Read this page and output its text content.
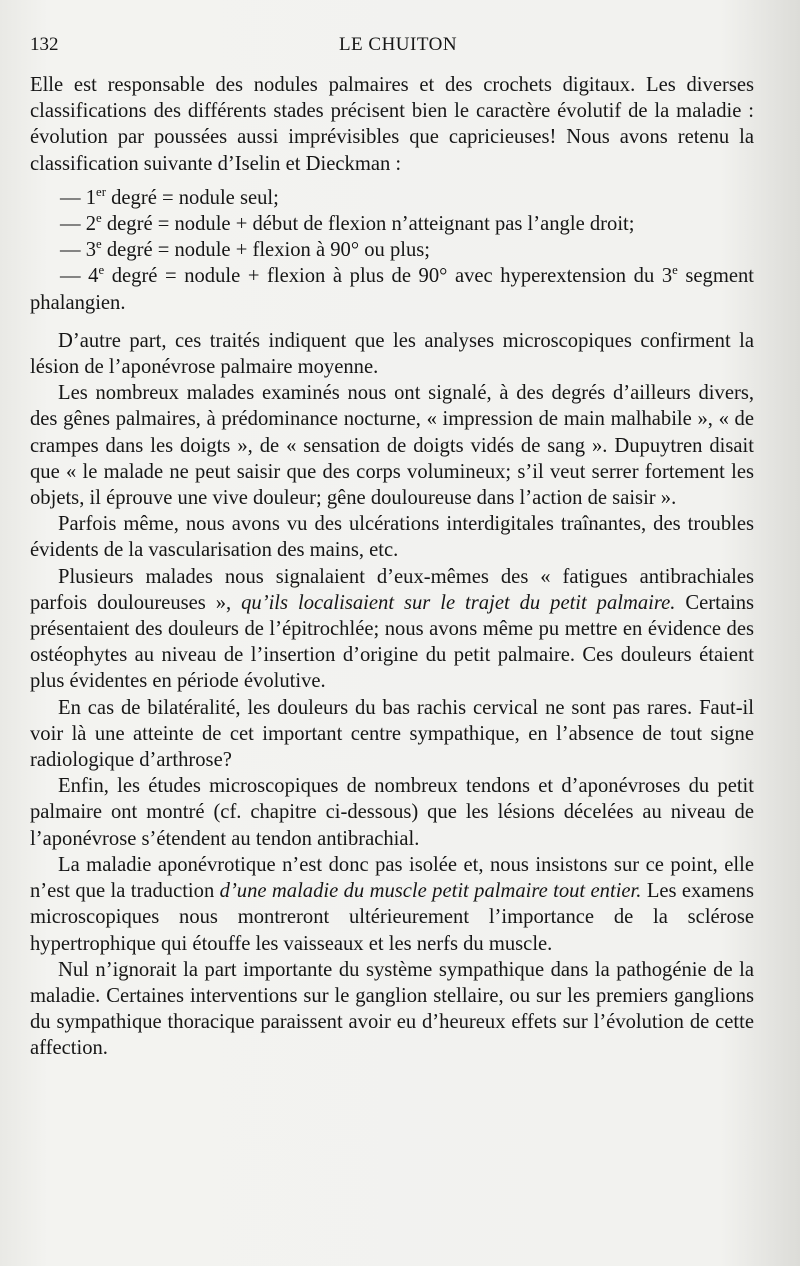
132	LE CHUITON

Elle est responsable des nodules palmaires et des crochets digitaux. Les diverses classifications des différents stades précisent bien le caractère évolutif de la maladie : évolution par poussées aussi imprévisibles que capricieuses! Nous avons retenu la classification suivante d’Iselin et Dieckman :

— 1er degré = nodule seul;

— 2e degré = nodule + début de flexion n’atteignant pas l’angle droit;

— 3e degré = nodule + flexion à 90° ou plus;

— 4e degré = nodule + flexion à plus de 90° avec hyperextension du 3e segment phalangien.

D’autre part, ces traités indiquent que les analyses microscopiques confirment la lésion de l’aponévrose palmaire moyenne.

Les nombreux malades examinés nous ont signalé, à des degrés d’ailleurs divers, des gênes palmaires, à prédominance nocturne, « impression de main malhabile », « de crampes dans les doigts », de « sensation de doigts vidés de sang ». Dupuytren disait que « le malade ne peut saisir que des corps volumineux; s’il veut serrer fortement les objets, il éprouve une vive douleur; gêne douloureuse dans l’action de saisir ».

Parfois même, nous avons vu des ulcérations interdigitales traînantes, des troubles évidents de la vascularisation des mains, etc.

Plusieurs malades nous signalaient d’eux-mêmes des « fatigues antibrachiales parfois douloureuses », qu’ils localisaient sur le trajet du petit palmaire. Certains présentaient des douleurs de l’épitrochlée; nous avons même pu mettre en évidence des ostéophytes au niveau de l’insertion d’origine du petit palmaire. Ces douleurs étaient plus évidentes en période évolutive.

En cas de bilatéralité, les douleurs du bas rachis cervical ne sont pas rares. Faut-il voir là une atteinte de cet important centre sympathique, en l’absence de tout signe radiologique d’arthrose?

Enfin, les études microscopiques de nombreux tendons et d’aponévroses du petit palmaire ont montré (cf. chapitre ci-dessous) que les lésions décelées au niveau de l’aponévrose s’étendent au tendon antibrachial.

La maladie aponévrotique n’est donc pas isolée et, nous insistons sur ce point, elle n’est que la traduction d’une maladie du muscle petit palmaire tout entier. Les examens microscopiques nous montreront ultérieurement l’importance de la sclérose hypertrophique qui étouffe les vaisseaux et les nerfs du muscle.

Nul n’ignorait la part importante du système sympathique dans la pathogénie de la maladie. Certaines interventions sur le ganglion stellaire, ou sur les premiers ganglions du sympathique thoracique paraissent avoir eu d’heureux effets sur l’évolution de cette affection.
